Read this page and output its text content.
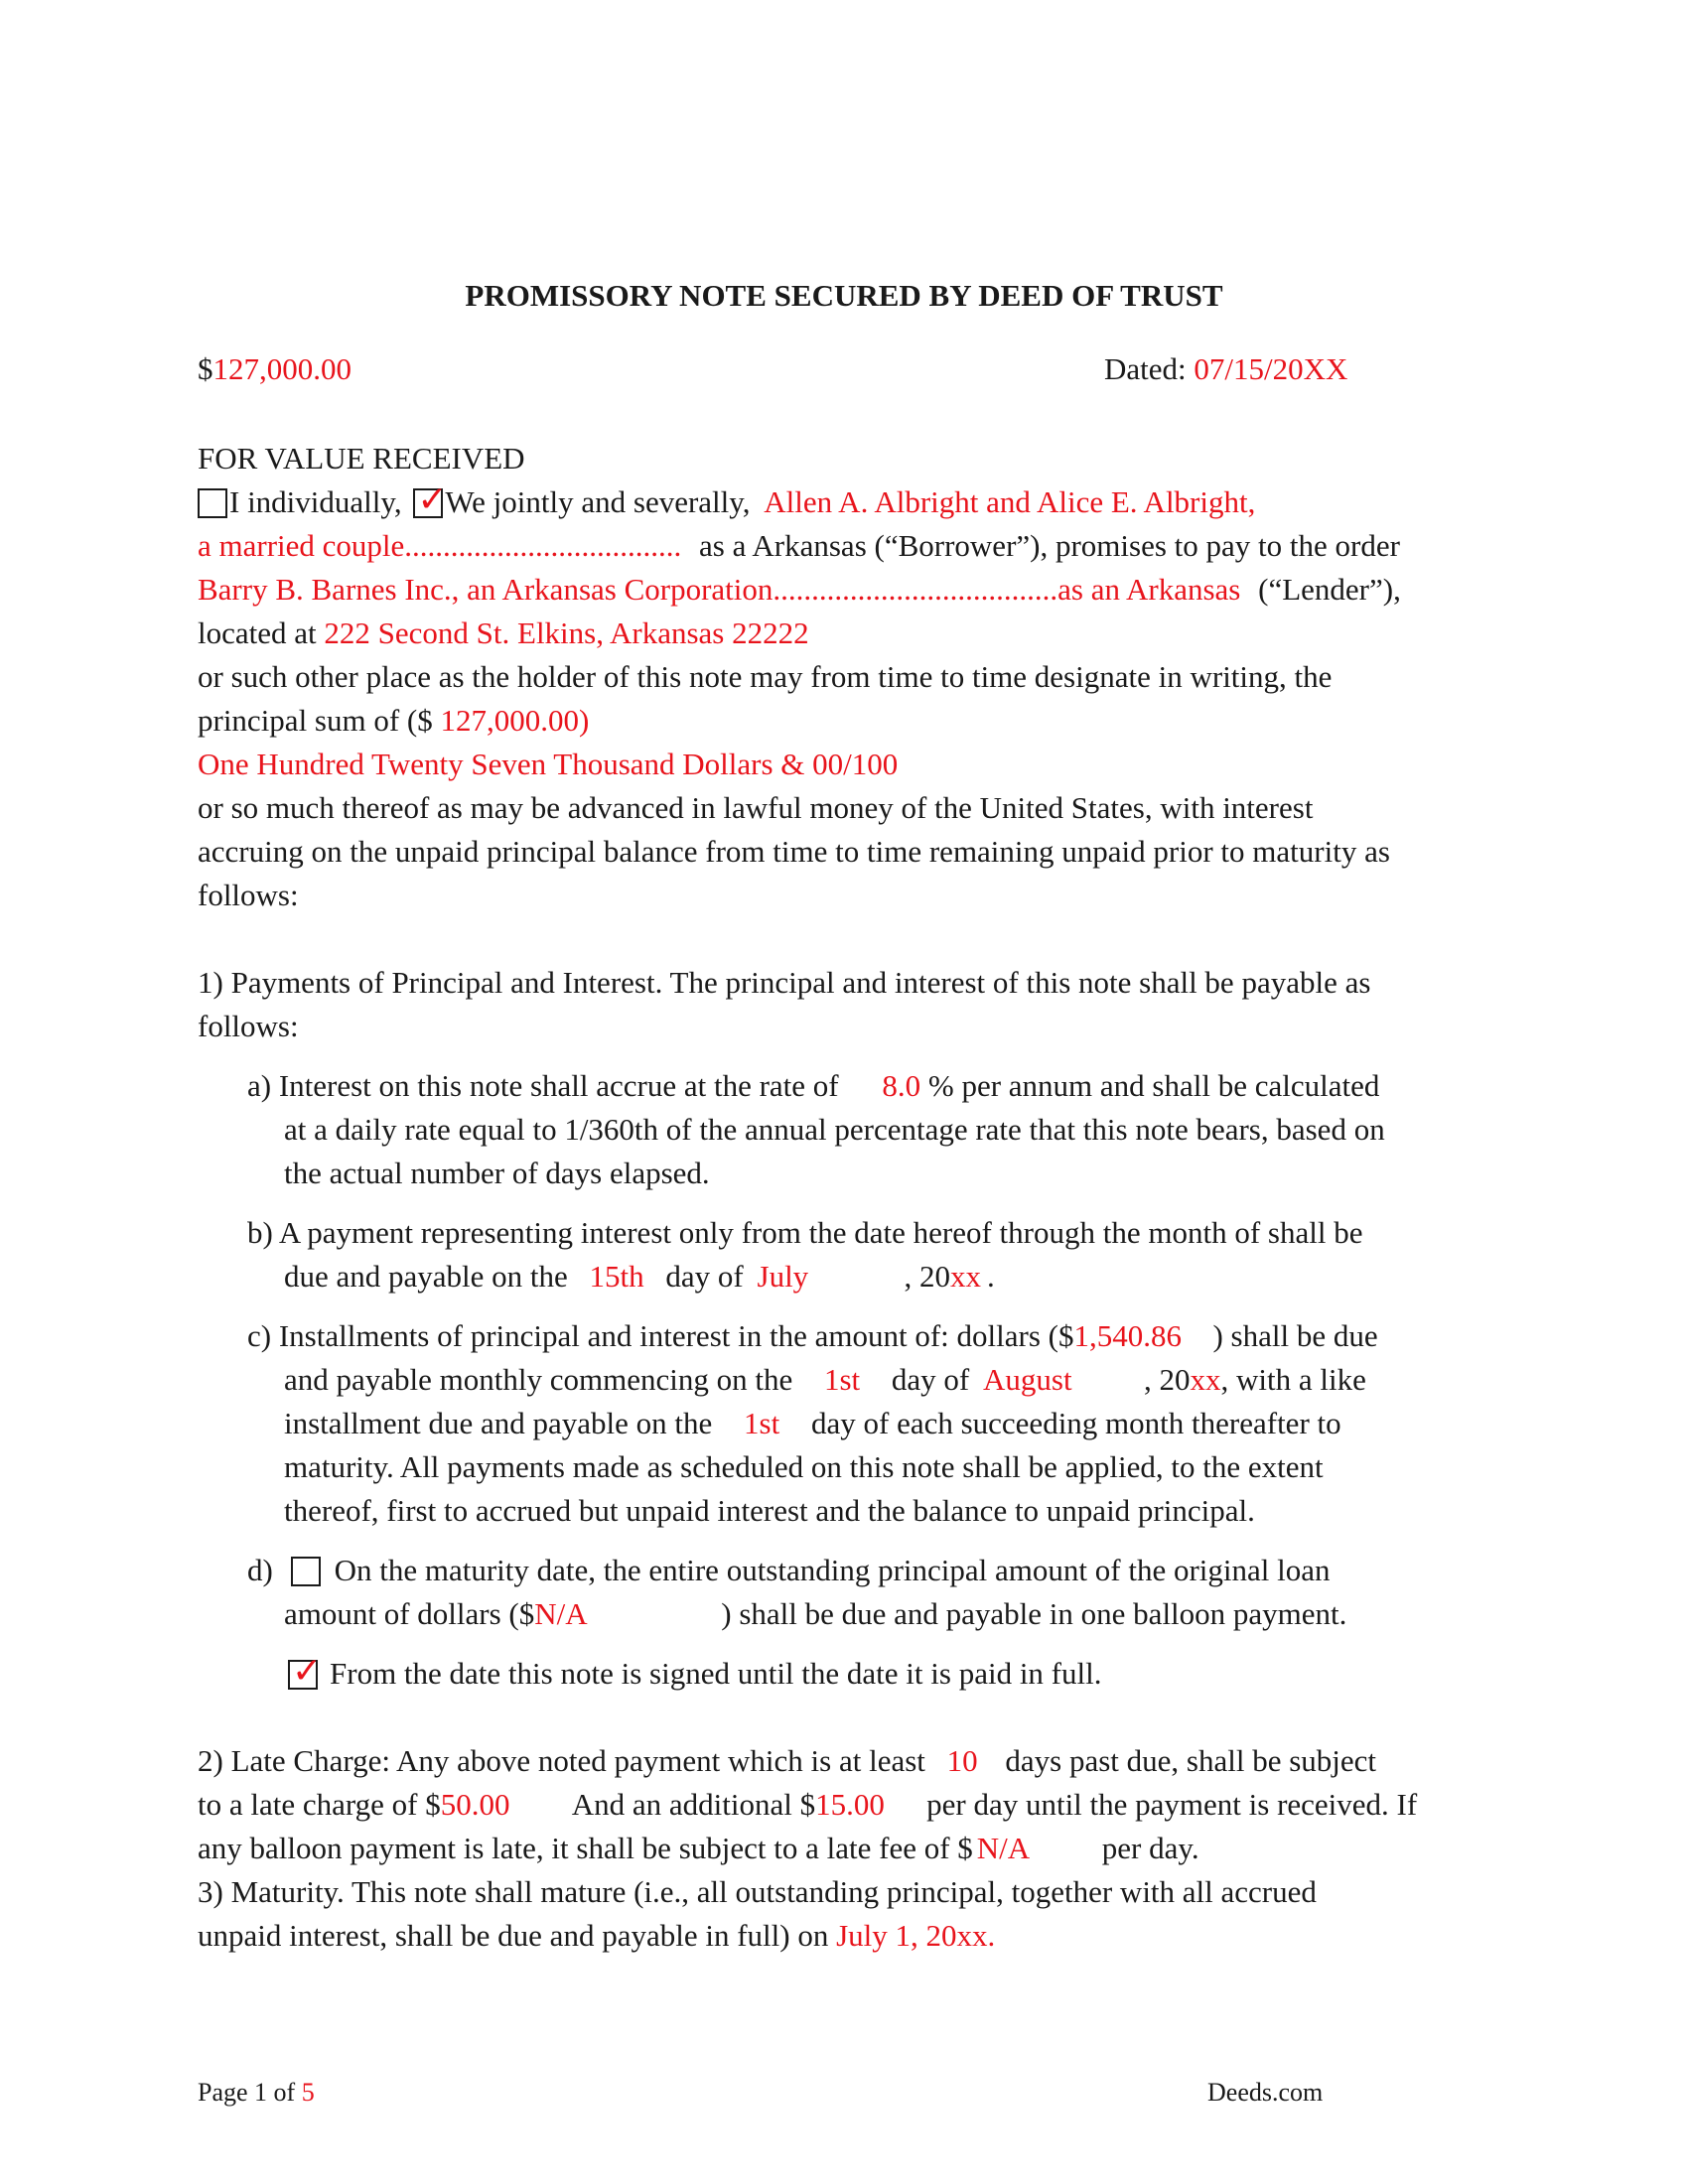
PROMISSORY NOTE SECURED BY DEED OF TRUST
$127,000.00	Dated: 07/15/20XX
FOR VALUE RECEIVED
I individually, ✓
We jointly and severally, Allen A. Albright and Alice E. Albright,
a married couple.................................... as a Arkansas (“Borrower”), promises to pay to the order
Barry B. Barnes Inc., an Arkansas Corporation.....................................as an Arkansas (“Lender”),
located at 222 Second St. Elkins, Arkansas 22222
or such other place as the holder of this note may from time to time designate in writing, the
principal sum of ($ 127,000.00)
One Hundred Twenty Seven Thousand Dollars & 00/100
or so much thereof as may be advanced in lawful money of the United States, with interest
accruing on the unpaid principal balance from time to time remaining unpaid prior to maturity as
follows:
1) Payments of Principal and Interest. The principal and interest of this note shall be payable as
follows:
a) Interest on this note shall accrue at the rate of 8.0 % per annum and shall be calculated
at a daily rate equal to 1/360th of the annual percentage rate that this note bears, based on
the actual number of days elapsed.
b) A payment representing interest only from the date hereof through the month of shall be
due and payable on the 15th day of July	, 20xx .
c) Installments of principal and interest in the amount of: dollars ($1,540.86 ) shall be due
and payable monthly commencing on the 1st day of August , 20xx, with a like
installment due and payable on the 1st day of each succeeding month thereafter to
maturity. All payments made as scheduled on this note shall be applied, to the extent
thereof, first to accrued but unpaid interest and the balance to unpaid principal.
d) On the maturity date, the entire outstanding principal amount of the original loan
amount of dollars ($N/A	) shall be due and payable in one balloon payment.
✓ From the date this note is signed until the date it is paid in full.
2) Late Charge: Any above noted payment which is at least 10 days past due, shall be subject
to a late charge of $50.00 And an additional $15.00 per day until the payment is received. If
any balloon payment is late, it shall be subject to a late fee of $ N/A per day.
3) Maturity. This note shall mature (i.e., all outstanding principal, together with all accrued
unpaid interest, shall be due and payable in full) on July 1, 20xx.
Page 1 of 5	Deeds.com
